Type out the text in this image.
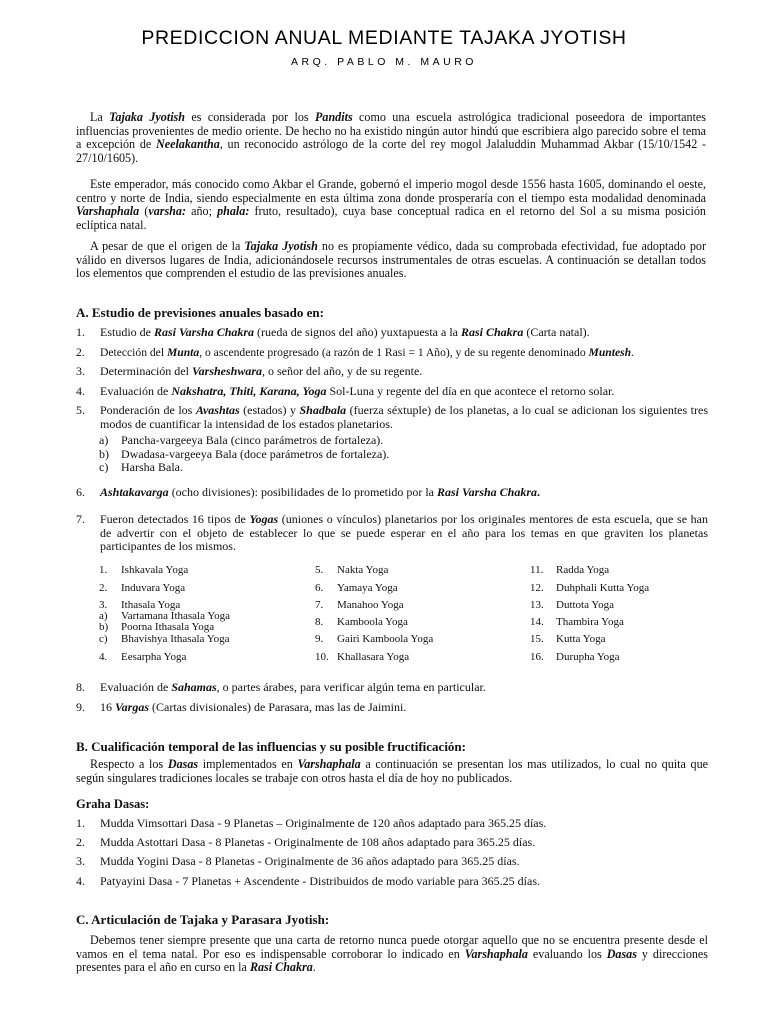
PREDICCION ANUAL MEDIANTE TAJAKA JYOTISH
ARQ. PABLO M. MAURO

La Tajaka Jyotish es considerada por los Pandits como una escuela astrológica tradicional poseedora de importantes influencias provenientes de medio oriente. De hecho no ha existido ningún autor hindú que escribiera algo parecido sobre el tema a excepción de Neelakantha, un reconocido astrólogo de la corte del rey mogol Jalaluddin Muhammad Akbar (15/10/1542 - 27/10/1605).

Este emperador, más conocido como Akbar el Grande, gobernó el imperio mogol desde 1556 hasta 1605, dominando el oeste, centro y norte de India, siendo especialmente en esta última zona donde prosperaría con el tiempo esta modalidad denominada Varshaphala (varsha: año; phala: fruto, resultado), cuya base conceptual radica en el retorno del Sol a su misma posición eclíptica natal.

A pesar de que el origen de la Tajaka Jyotish no es propiamente védico, dada su comprobada efectividad, fue adoptado por válido en diversos lugares de India, adicionándosele recursos instrumentales de otras escuelas. A continuación se detallan todos los elementos que comprenden el estudio de las previsiones anuales.

A. Estudio de previsiones anuales basado en:
1.	Estudio de Rasi Varsha Chakra (rueda de signos del año) yuxtapuesta a la Rasi Chakra (Carta natal).
2.	Detección del Munta, o ascendente progresado (a razón de 1 Rasi = 1 Año), y de su regente denominado Muntesh.
3.	Determinación del Varsheshwara, o señor del año, y de su regente.
4.	Evaluación de Nakshatra, Thiti, Karana, Yoga Sol-Luna y regente del día en que acontece el retorno solar.
5.	Ponderación de los Avashtas (estados) y Shadbala (fuerza séxtuple) de los planetas, a lo cual se adicionan los siguientes tres modos de cuantificar la intensidad de los estados planetarios.
a) Pancha-vargeeya Bala (cinco parámetros de fortaleza).
b) Dwadasa-vargeeya Bala (doce parámetros de fortaleza).
c) Harsha Bala.
6.	Ashtakavarga (ocho divisiones): posibilidades de lo prometido por la Rasi Varsha Chakra.
7.	Fueron detectados 16 tipos de Yogas (uniones o vínculos) planetarios por los originales mentores de esta escuela, que se han de advertir con el objeto de establecer lo que se puede esperar en el año para los temas en que graviten los planetas participantes de los mismos.
1. Ishkavala Yoga
2. Induvara Yoga
3. Ithasala Yoga
a) Vartamana Ithasala Yoga
b) Poorna Ithasala Yoga
c) Bhavishya Ithasala Yoga
4. Eesarpha Yoga
5. Nakta Yoga
6. Yamaya Yoga
7. Manahoo Yoga
8. Kamboola Yoga
9. Gairi Kamboola Yoga
10. Khallasara Yoga
11. Radda Yoga
12. Duhphali Kutta Yoga
13. Duttota Yoga
14. Thambira Yoga
15. Kutta Yoga
16. Durupha Yoga
8.	Evaluación de Sahamas, o partes árabes, para verificar algún tema en particular.
9.	16 Vargas (Cartas divisionales) de Parasara, mas las de Jaimini.
B. Cualificación temporal de las influencias y su posible fructificación:

Respecto a los Dasas implementados en Varshaphala a continuación se presentan los mas utilizados, lo cual no quita que según singulares tradiciones locales se trabaje con otros hasta el día de hoy no publicados.

Graha Dasas:
1.	Mudda Vimsottari Dasa - 9 Planetas – Originalmente de 120 años adaptado para 365.25 días.
2.	Mudda Astottari Dasa - 8 Planetas - Originalmente de 108 años adaptado para 365.25 días.
3.	Mudda Yogini Dasa - 8 Planetas - Originalmente de 36 años adaptado para 365.25 días.
4.	Patyayini Dasa - 7 Planetas + Ascendente - Distribuidos de modo variable para 365.25 días.
C. Articulación de Tajaka y Parasara Jyotish:

Debemos tener siempre presente que una carta de retorno nunca puede otorgar aquello que no se encuentra presente desde el vamos en el tema natal. Por eso es indispensable corroborar lo indicado en Varshaphala evaluando los Dasas y direcciones presentes para el año en curso en la Rasi Chakra.
